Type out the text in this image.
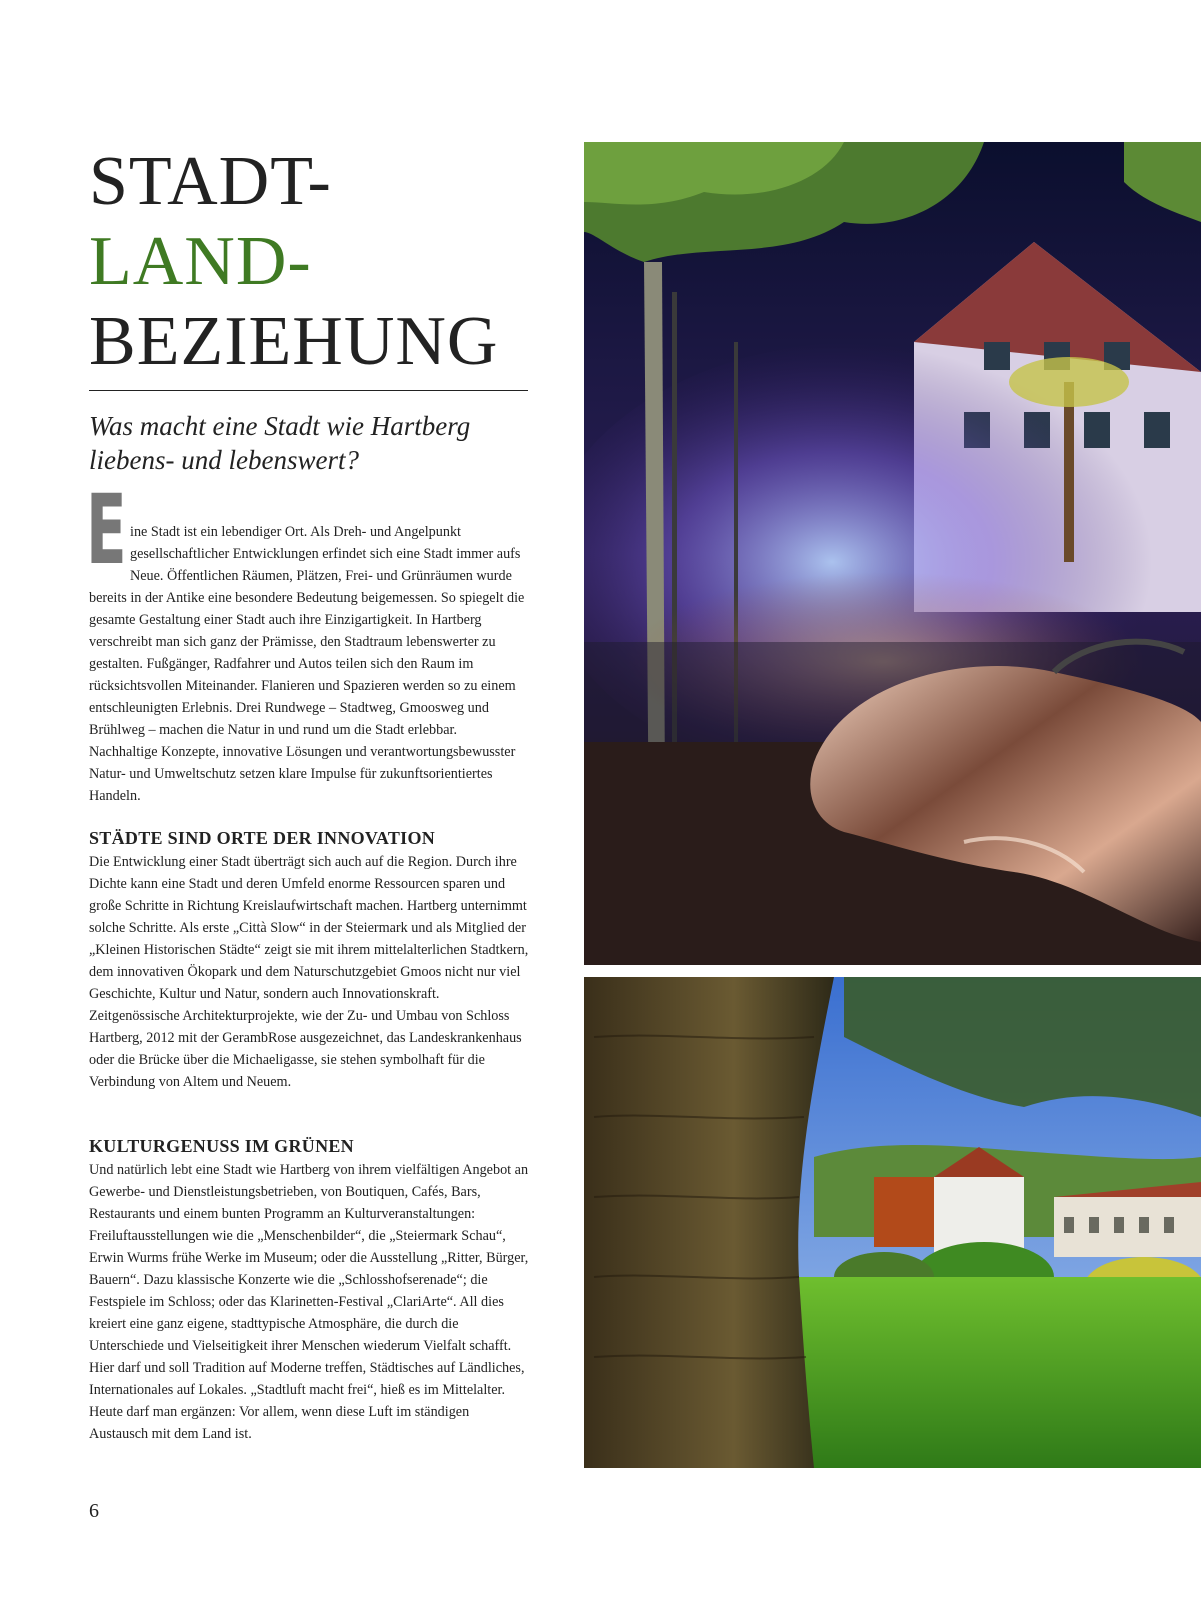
STADT-
LAND-
BEZIEHUNG

Was macht eine Stadt wie Hartberg liebens- und lebenswert?

Eine Stadt ist ein lebendiger Ort. Als Dreh- und Angelpunkt gesellschaftlicher Entwicklungen erfindet sich eine Stadt immer aufs Neue. Öffentlichen Räumen, Plätzen, Frei- und Grünräumen wurde bereits in der Antike eine besondere Bedeutung beigemessen. So spiegelt die gesamte Gestaltung einer Stadt auch ihre Einzigartigkeit. In Hartberg verschreibt man sich ganz der Prämisse, den Stadtraum lebenswerter zu gestalten. Fußgänger, Radfahrer und Autos teilen sich den Raum im rücksichtsvollen Miteinander. Flanieren und Spazieren werden so zu einem entschleunigten Erlebnis. Drei Rundwege – Stadtweg, Gmoosweg und Brühlweg – machen die Natur in und rund um die Stadt erlebbar. Nachhaltige Konzepte, innovative Lösungen und verantwortungsbewusster Natur- und Umweltschutz setzen klare Impulse für zukunftsorientiertes Handeln.

STÄDTE SIND ORTE DER INNOVATION

Die Entwicklung einer Stadt überträgt sich auch auf die Region. Durch ihre Dichte kann eine Stadt und deren Umfeld enorme Ressourcen sparen und große Schritte in Richtung Kreislaufwirtschaft machen. Hartberg unternimmt solche Schritte. Als erste „Città Slow“ in der Steiermark und als Mitglied der „Kleinen Historischen Städte“ zeigt sie mit ihrem mittelalterlichen Stadtkern, dem innovativen Ökopark und dem Naturschutzgebiet Gmoos nicht nur viel Geschichte, Kultur und Natur, sondern auch Innovationskraft. Zeitgenössische Architekturprojekte, wie der Zu- und Umbau von Schloss Hartberg, 2012 mit der GerambRose ausgezeichnet, das Landeskrankenhaus oder die Brücke über die Michaeligasse, sie stehen symbolhaft für die Verbindung von Altem und Neuem.

KULTURGENUSS IM GRÜNEN

Und natürlich lebt eine Stadt wie Hartberg von ihrem vielfältigen Angebot an Gewerbe- und Dienstleistungsbetrieben, von Boutiquen, Cafés, Bars, Restaurants und einem bunten Programm an Kulturveranstaltungen: Freiluftausstellungen wie die „Menschenbilder“, die „Steiermark Schau“, Erwin Wurms frühe Werke im Museum; oder die Ausstellung „Ritter, Bürger, Bauern“. Dazu klassische Konzerte wie die „Schlosshofserenade“; die Festspiele im Schloss; oder das Klarinetten-Festival „ClariArte“. All dies kreiert eine ganz eigene, stadttypische Atmosphäre, die durch die Unterschiede und Vielseitigkeit ihrer Menschen wiederum Vielfalt schafft. Hier darf und soll Tradition auf Moderne treffen, Städtisches auf Ländliches, Internationales auf Lokales. „Stadtluft macht frei“, hieß es im Mittelalter. Heute darf man ergänzen: Vor allem, wenn diese Luft im ständigen Austausch mit dem Land ist.

6
